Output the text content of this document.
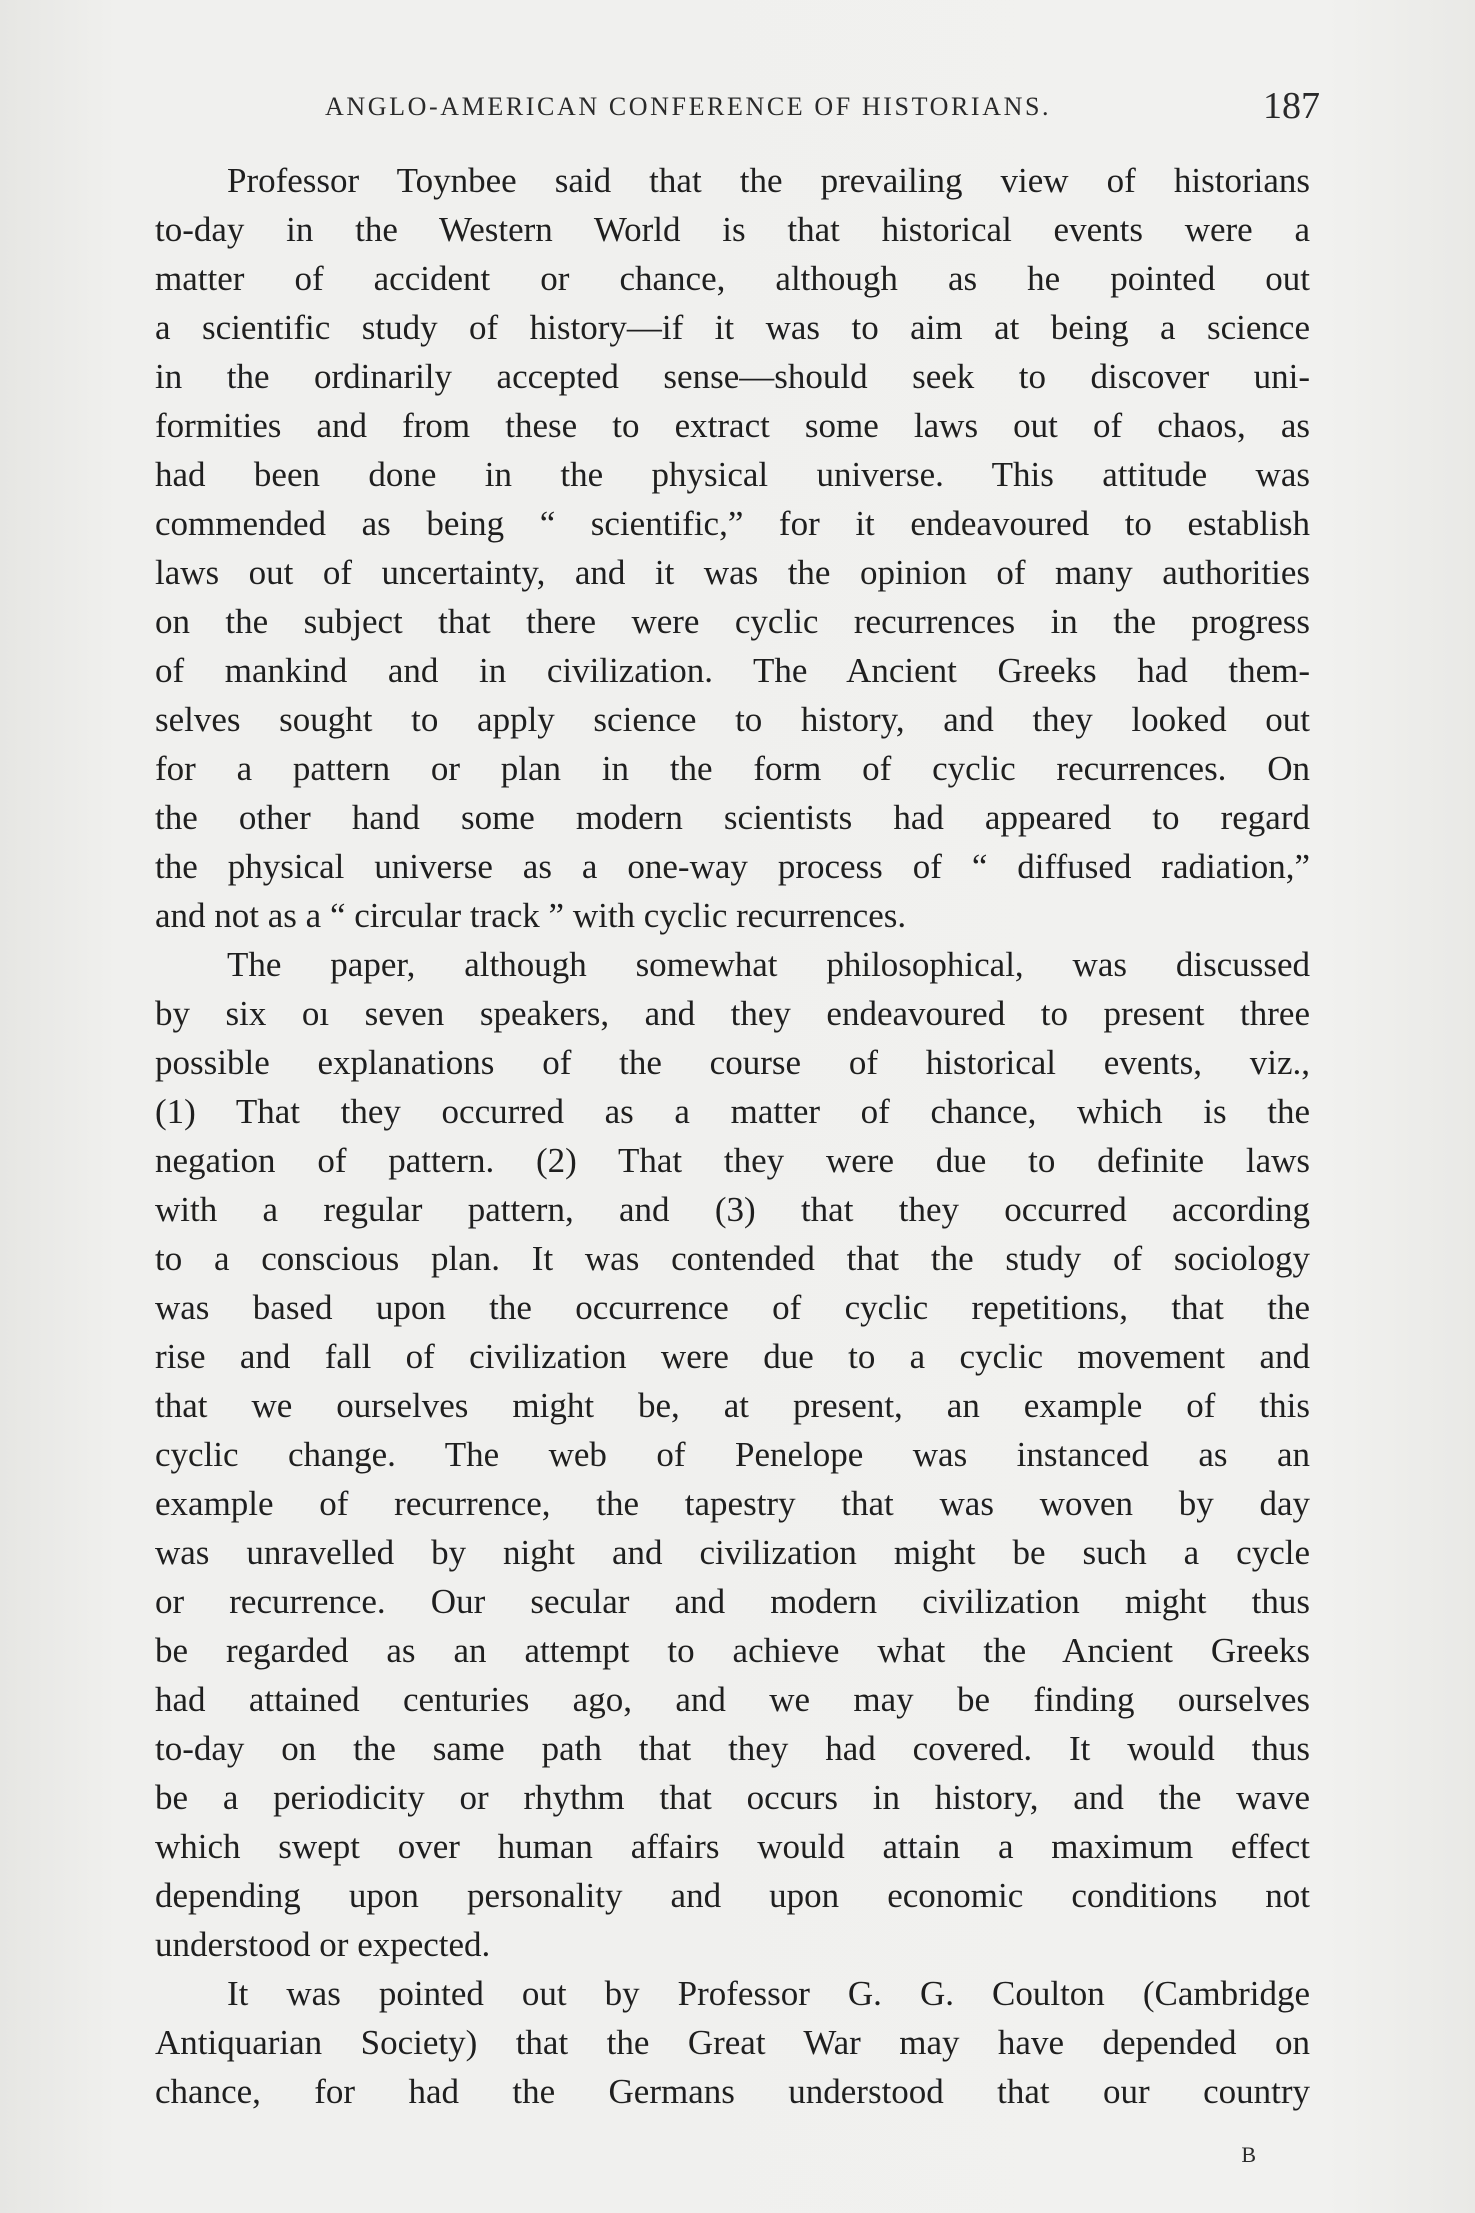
ANGLO-AMERICAN CONFERENCE OF HISTORIANS.	187
Professor Toynbee said that the prevailing view of historians
to-day in the Western World is that historical events were a
matter of accident or chance, although as he pointed out
a scientific study of history—if it was to aim at being a science
in the ordinarily accepted sense—should seek to discover uni-
formities and from these to extract some laws out of chaos, as
had been done in the physical universe. This attitude was
commended as being “ scientific,” for it endeavoured to establish
laws out of uncertainty, and it was the opinion of many authorities
on the subject that there were cyclic recurrences in the progress
of mankind and in civilization. The Ancient Greeks had them-
selves sought to apply science to history, and they looked out
for a pattern or plan in the form of cyclic recurrences. On
the other hand some modern scientists had appeared to regard
the physical universe as a one-way process of “ diffused radiation,”
and not as a “ circular track ” with cyclic recurrences.
The paper, although somewhat philosophical, was discussed
by six oı seven speakers, and they endeavoured to present three
possible explanations of the course of historical events, viz.,
(1) That they occurred as a matter of chance, which is the
negation of pattern. (2) That they were due to definite laws
with a regular pattern, and (3) that they occurred according
to a conscious plan. It was contended that the study of sociology
was based upon the occurrence of cyclic repetitions, that the
rise and fall of civilization were due to a cyclic movement and
that we ourselves might be, at present, an example of this
cyclic change. The web of Penelope was instanced as an
example of recurrence, the tapestry that was woven by day
was unravelled by night and civilization might be such a cycle
or recurrence. Our secular and modern civilization might thus
be regarded as an attempt to achieve what the Ancient Greeks
had attained centuries ago, and we may be finding ourselves
to-day on the same path that they had covered. It would thus
be a periodicity or rhythm that occurs in history, and the wave
which swept over human affairs would attain a maximum effect
depending upon personality and upon economic conditions not
understood or expected.
It was pointed out by Professor G. G. Coulton (Cambridge
Antiquarian Society) that the Great War may have depended on
chance, for had the Germans understood that our country
B
